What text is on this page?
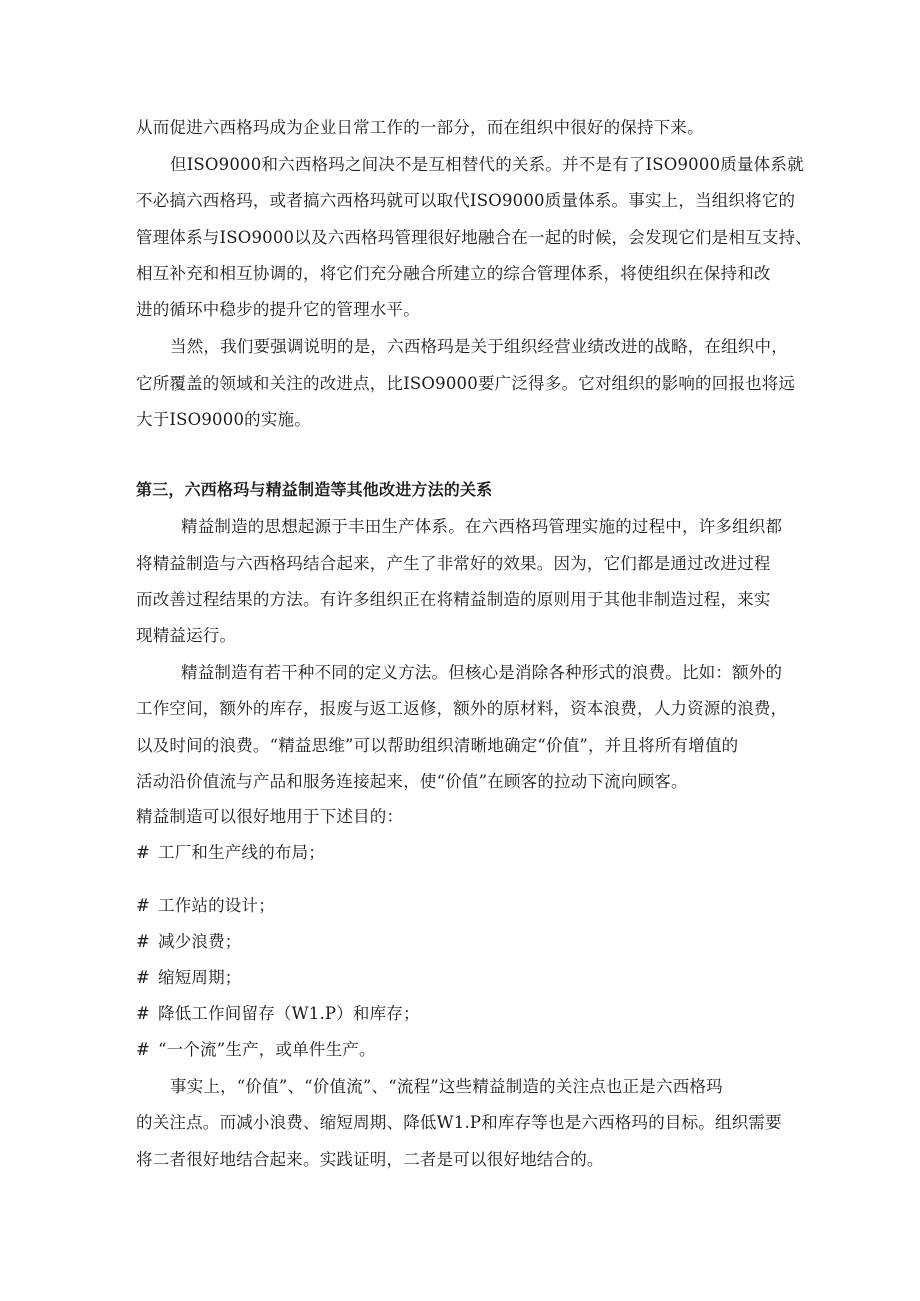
从而促进六西格玛成为企业日常工作的一部分，而在组织中很好的保持下来。
但ISO9000和六西格玛之间决不是互相替代的关系。并不是有了ISO9000质量体系就
不必搞六西格玛，或者搞六西格玛就可以取代ISO9000质量体系。事实上，当组织将它的
管理体系与ISO9000以及六西格玛管理很好地融合在一起的时候，会发现它们是相互支持、
相互补充和相互协调的，将它们充分融合所建立的综合管理体系，将使组织在保持和改
进的循环中稳步的提升它的管理水平。
当然，我们要强调说明的是，六西格玛是关于组织经营业绩改进的战略，在组织中，
它所覆盖的领域和关注的改进点，比ISO9000要广泛得多。它对组织的影响的回报也将远
大于ISO9000的实施。
第三，六西格玛与精益制造等其他改进方法的关系
精益制造的思想起源于丰田生产体系。在六西格玛管理实施的过程中，许多组织都
将精益制造与六西格玛结合起来，产生了非常好的效果。因为，它们都是通过改进过程
而改善过程结果的方法。有许多组织正在将精益制造的原则用于其他非制造过程，来实
现精益运行。
精益制造有若干种不同的定义方法。但核心是消除各种形式的浪费。比如：额外的
工作空间，额外的库存，报废与返工返修，额外的原材料，资本浪费，人力资源的浪费，
以及时间的浪费。“精益思维”可以帮助组织清晰地确定“价值”，并且将所有增值的
活动沿价值流与产品和服务连接起来，使“价值”在顾客的拉动下流向顾客。
精益制造可以很好地用于下述目的：
# 工厂和生产线的布局；
# 工作站的设计；
# 减少浪费；
# 缩短周期；
# 降低工作间留存（W1.P）和库存；
# “一个流”生产，或单件生产。
事实上，“价值”、“价值流”、“流程”这些精益制造的关注点也正是六西格玛
的关注点。而减小浪费、缩短周期、降低W1.P和库存等也是六西格玛的目标。组织需要
将二者很好地结合起来。实践证明，二者是可以很好地结合的。
